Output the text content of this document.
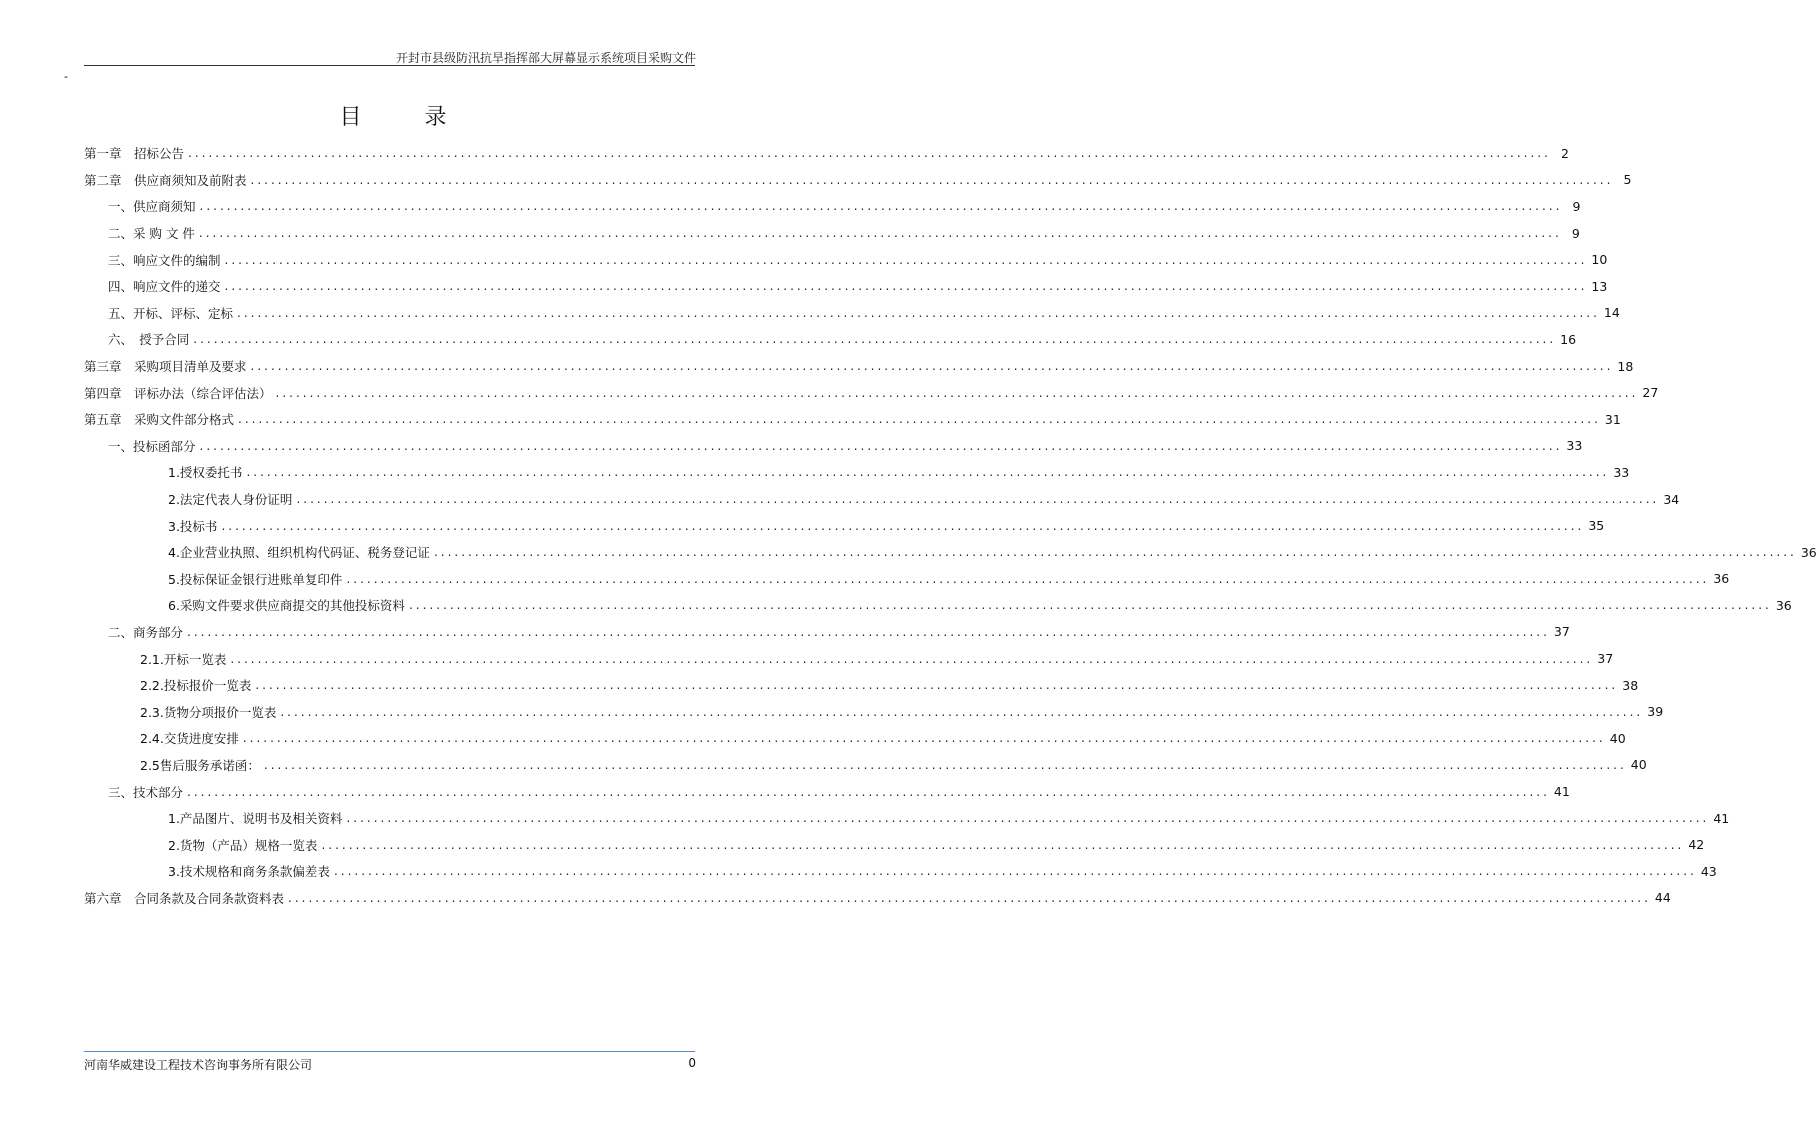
开封市县级防汛抗旱指挥部大屏幕显示系统项目采购文件
-
目 录
第一章　招标公告 ........................................................................................................................................................................................................ 2
第二章　供应商须知及前附表 ........................................................................................................................................................................................................ 5
一、供应商须知 ........................................................................................................................................................................................................ 9
二、采 购 文 件 ........................................................................................................................................................................................................ 9
三、响应文件的编制 ........................................................................................................................................................................................................ 10
四、响应文件的递交 ........................................................................................................................................................................................................ 13
五、开标、评标、定标 ........................................................................................................................................................................................................ 14
六、　授予合同 ........................................................................................................................................................................................................ 16
第三章　采购项目清单及要求 ........................................................................................................................................................................................................ 18
第四章　评标办法（综合评估法） ........................................................................................................................................................................................................ 27
第五章　采购文件部分格式 ........................................................................................................................................................................................................ 31
一、投标函部分 ........................................................................................................................................................................................................ 33
1.授权委托书 ........................................................................................................................................................................................................ 33
2.法定代表人身份证明 ........................................................................................................................................................................................................ 34
3.投标书 ........................................................................................................................................................................................................ 35
4.企业营业执照、组织机构代码证、税务登记证 ........................................................................................................................................................................................................ 36
5.投标保证金银行进账单复印件 ........................................................................................................................................................................................................ 36
6.采购文件要求供应商提交的其他投标资料 ........................................................................................................................................................................................................ 36
二、商务部分 ........................................................................................................................................................................................................ 37
2.1.开标一览表 ........................................................................................................................................................................................................ 37
2.2.投标报价一览表 ........................................................................................................................................................................................................ 38
2.3.货物分项报价一览表 ........................................................................................................................................................................................................ 39
2.4.交货进度安排 ........................................................................................................................................................................................................ 40
2.5售后服务承诺函： ........................................................................................................................................................................................................ 40
三、技术部分 ........................................................................................................................................................................................................ 41
1.产品图片、说明书及相关资料 ........................................................................................................................................................................................................ 41
2.货物（产品）规格一览表 ........................................................................................................................................................................................................ 42
3.技术规格和商务条款偏差表 ........................................................................................................................................................................................................ 43
第六章　合同条款及合同条款资料表 ........................................................................................................................................................................................................ 44
河南华威建设工程技术咨询事务所有限公司	0
